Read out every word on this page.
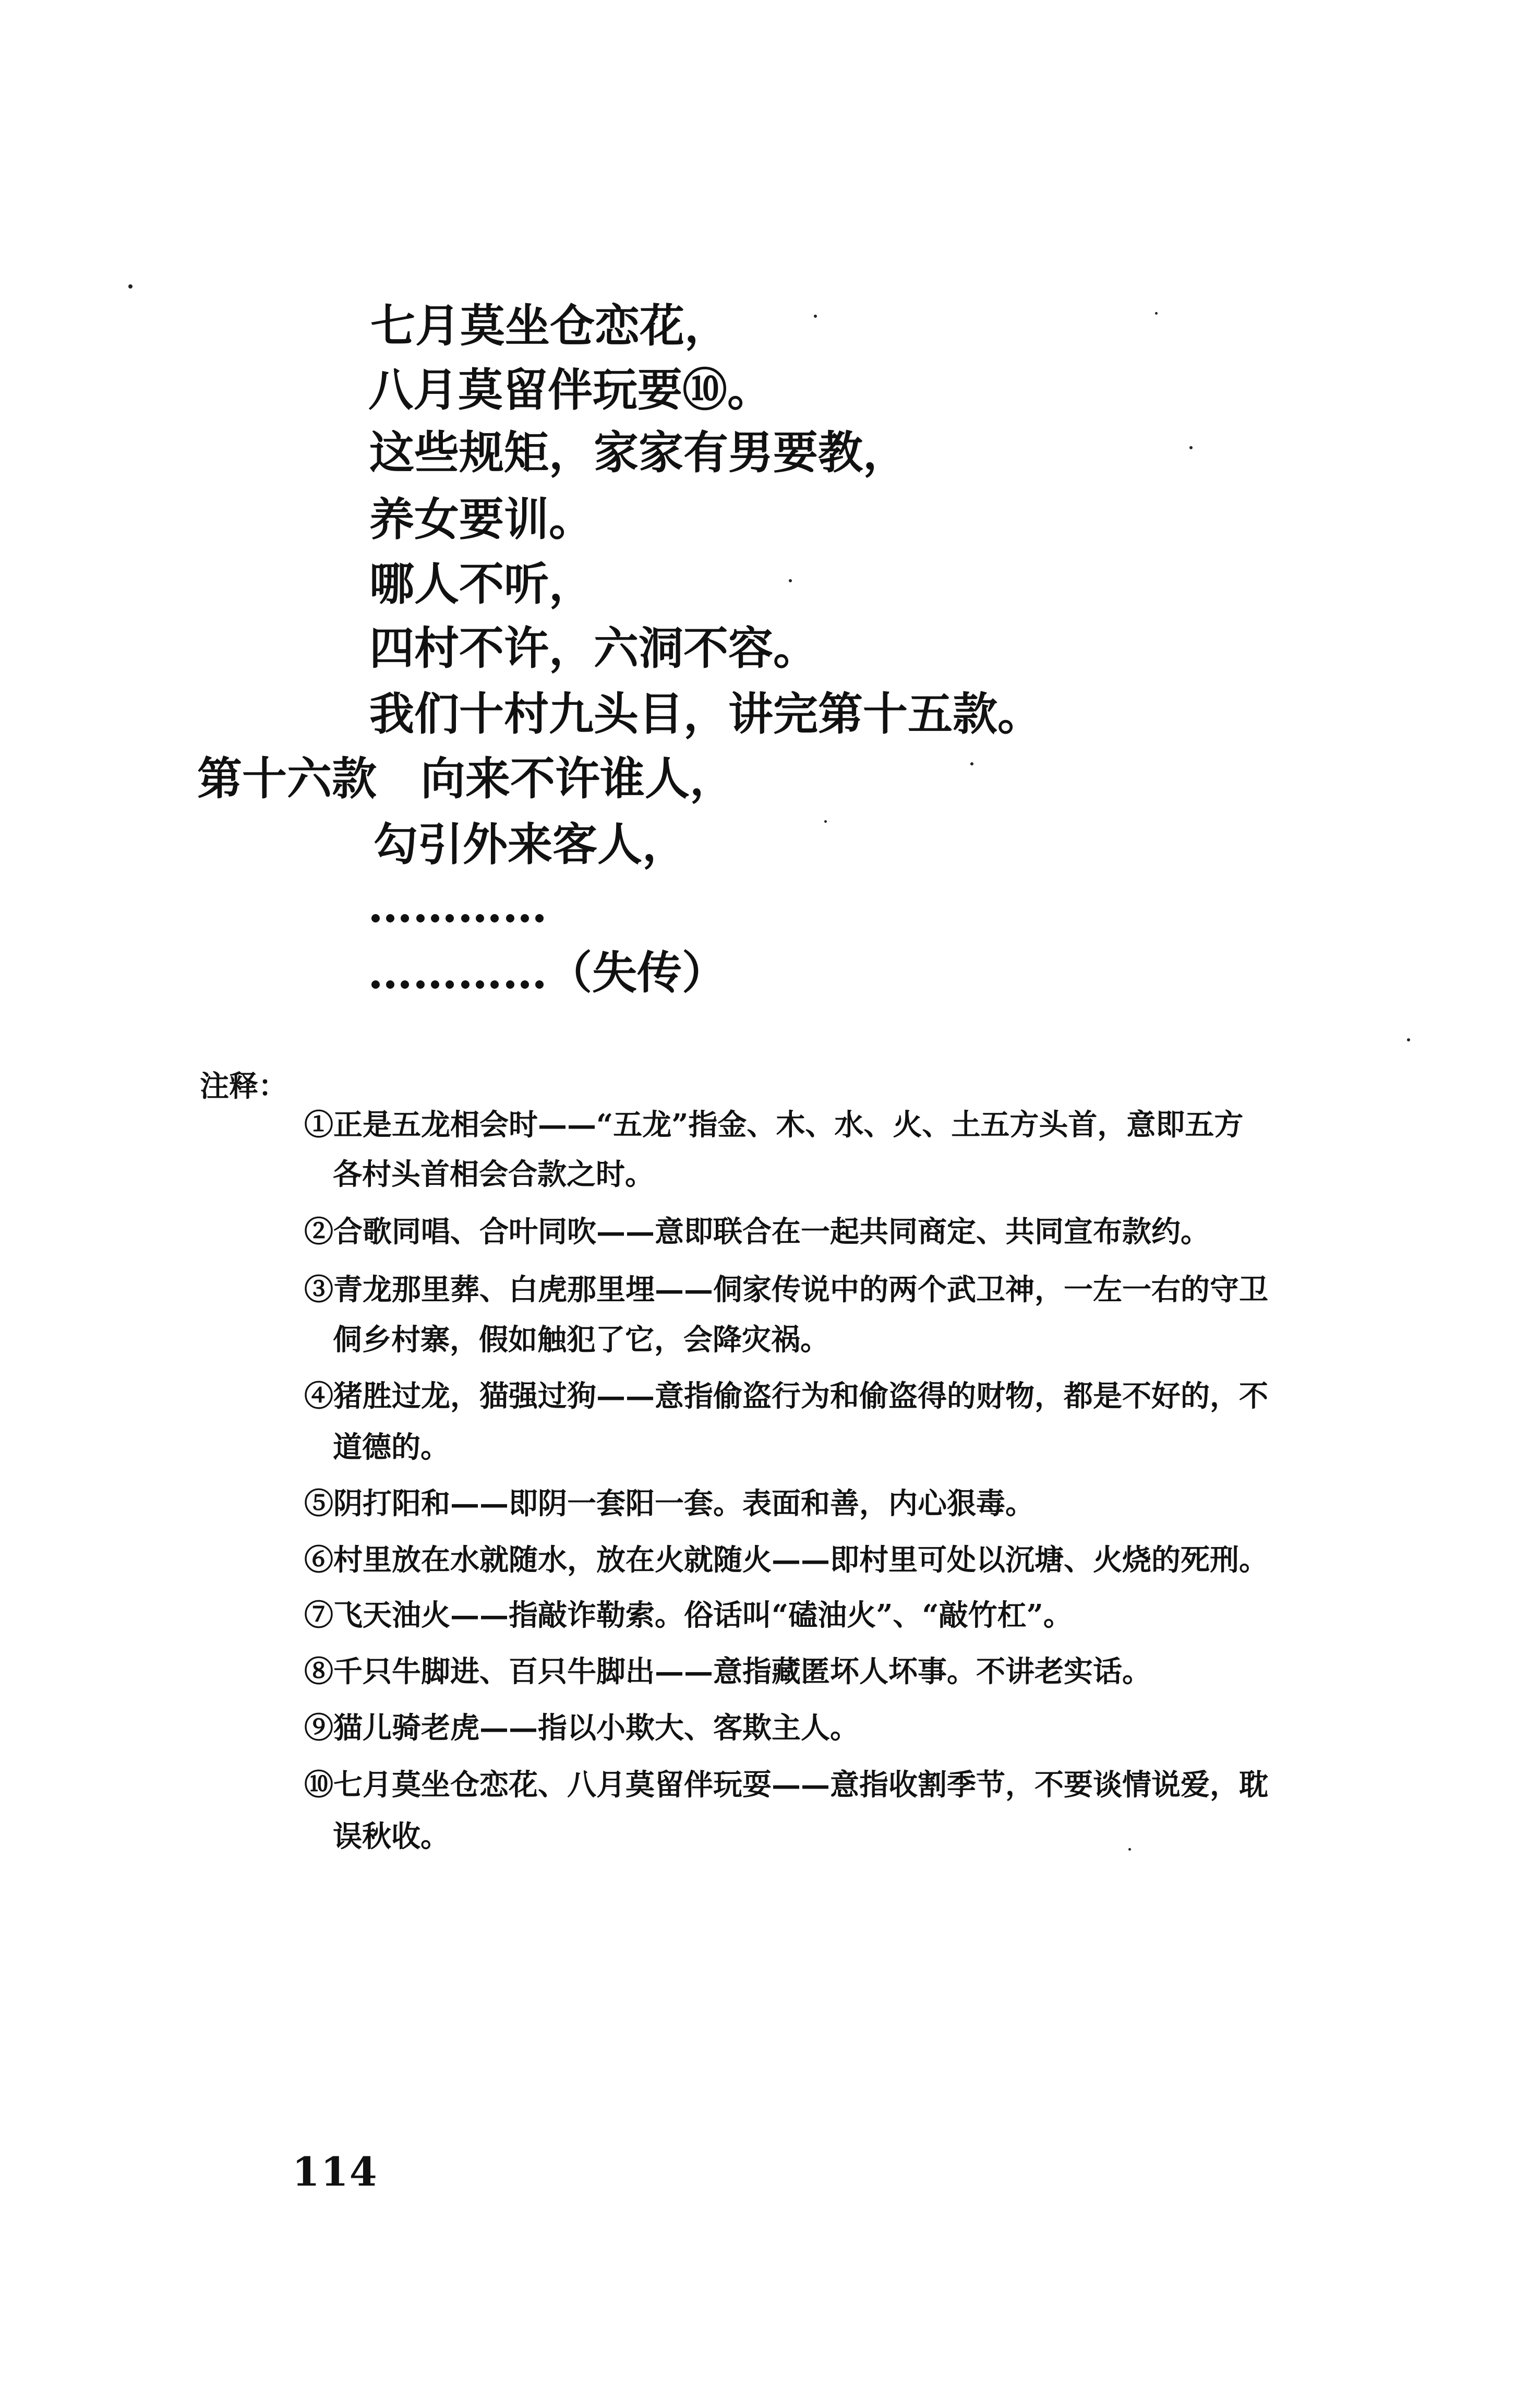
七月莫坐仓恋花，
八月莫留伴玩要⑩。
这些规矩，家家有男要教，
养女要训。
哪人不听，
四村不许，六洞不容。
我们十村九头目，讲完第十五款。
第十六款 向来不许谁人，
勾引外来客人，
…………
…………（失传）
注释：
①正是五龙相会时——“五龙”指金、木、水、火、土五方头首，意即五方
各村头首相会合款之时。
②合歌同唱、合叶同吹——意即联合在一起共同商定、共同宣布款约。
③青龙那里葬、白虎那里埋——侗家传说中的两个武卫神，一左一右的守卫
侗乡村寨，假如触犯了它，会降灾祸。
④猪胜过龙，猫强过狗——意指偷盗行为和偷盗得的财物，都是不好的，不
道德的。
⑤阴打阳和——即阴一套阳一套。表面和善，内心狠毒。
⑥村里放在水就随水，放在火就随火——即村里可处以沉塘、火烧的死刑。
⑦飞天油火——指敲诈勒索。俗话叫“磕油火”、“敲竹杠”。
⑧千只牛脚进、百只牛脚出——意指藏匿坏人坏事。不讲老实话。
⑨猫儿骑老虎——指以小欺大、客欺主人。
⑩七月莫坐仓恋花、八月莫留伴玩耍——意指收割季节，不要谈情说爱，耽
误秋收。
114
